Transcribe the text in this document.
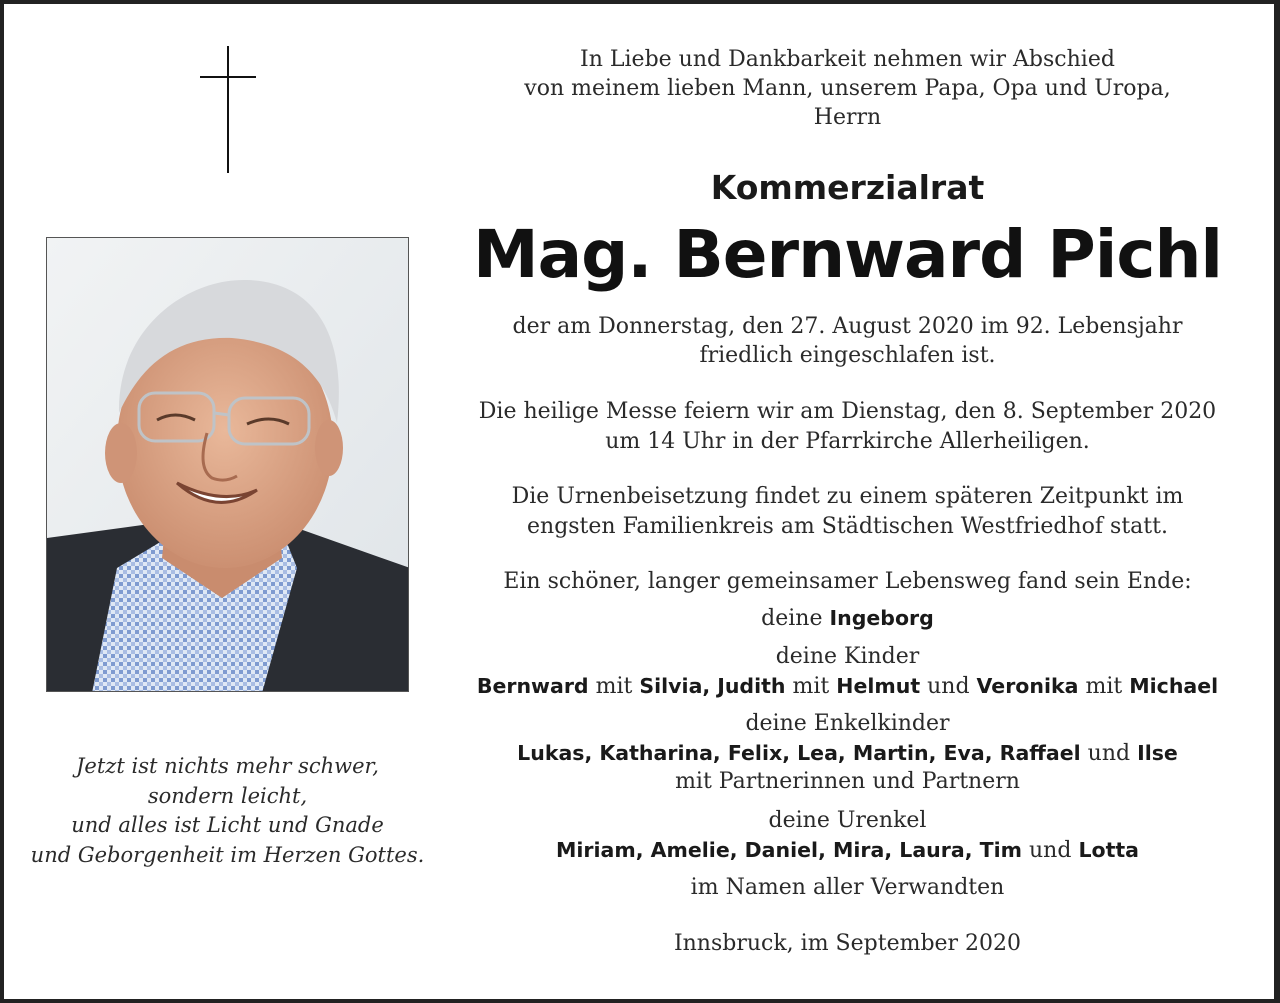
Jetzt ist nichts mehr schwer,
sondern leicht,
und alles ist Licht und Gnade
und Geborgenheit im Herzen Gottes.
In Liebe und Dankbarkeit nehmen wir Abschied
von meinem lieben Mann, unserem Papa, Opa und Uropa,
Herrn
Kommerzialrat
Mag. Bernward Pichl
der am Donnerstag, den 27. August 2020 im 92. Lebensjahr
friedlich eingeschlafen ist.
Die heilige Messe feiern wir am Dienstag, den 8. September 2020
um 14 Uhr in der Pfarrkirche Allerheiligen.
Die Urnenbeisetzung findet zu einem späteren Zeitpunkt im
engsten Familienkreis am Städtischen Westfriedhof statt.
Ein schöner, langer gemeinsamer Lebensweg fand sein Ende:
deine Ingeborg
deine Kinder
Bernward mit Silvia, Judith mit Helmut und Veronika mit Michael
deine Enkelkinder
Lukas, Katharina, Felix, Lea, Martin, Eva, Raffael und Ilse
mit Partnerinnen und Partnern
deine Urenkel
Miriam, Amelie, Daniel, Mira, Laura, Tim und Lotta
im Namen aller Verwandten
Innsbruck, im September 2020
